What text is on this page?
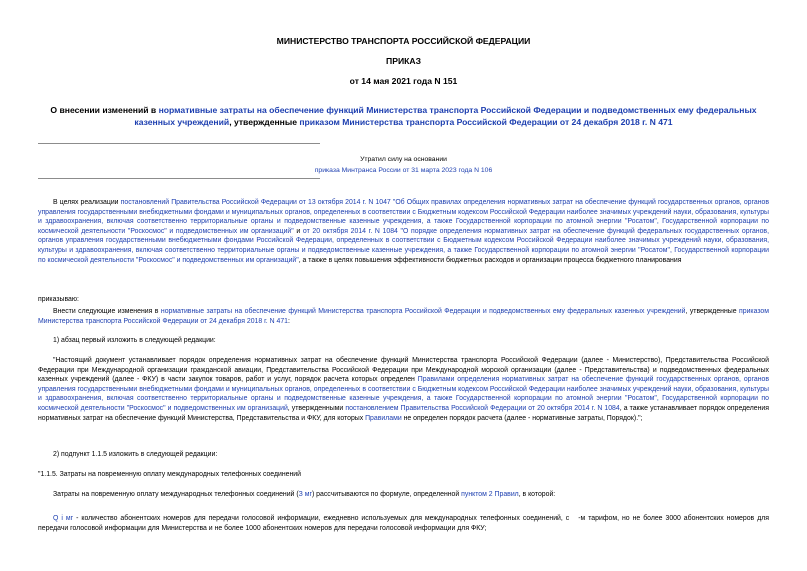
МИНИСТЕРСТВО ТРАНСПОРТА РОССИЙСКОЙ ФЕДЕРАЦИИ
ПРИКАЗ
от 14 мая 2021 года N 151
О внесении изменений в нормативные затраты на обеспечение функций Министерства транспорта Российской Федерации и подведомственных ему федеральных казенных учреждений, утвержденные приказом Министерства транспорта Российской Федерации от 24 декабря 2018 г. N 471
Утратил силу на основании
приказа Минтранса России от 31 марта 2023 года N 106
В целях реализации постановлений Правительства Российской Федерации от 13 октября 2014 г. N 1047 "Об Общих правилах определения нормативных затрат на обеспечение функций государственных органов, органов управления государственными внебюджетными фондами и муниципальных органов, определенных в соответствии с Бюджетным кодексом Российской Федерации наиболее значимых учреждений науки, образования, культуры и здравоохранения, включая соответственно территориальные органы и подведомственные казенные учреждения, а также Государственной корпорации по атомной энергии "Росатом", Государственной корпорации по космической деятельности "Роскосмос" и подведомственных им организаций" и от 20 октября 2014 г. N 1084 "О порядке определения нормативных затрат на обеспечение функций федеральных государственных органов, органов управления государственными внебюджетными фондами Российской Федерации, определенных в соответствии с Бюджетным кодексом Российской Федерации наиболее значимых учреждений науки, образования, культуры и здравоохранения, включая соответственно территориальные органы и подведомственные казенные учреждения, а также Государственной корпорации по атомной энергии "Росатом", Государственной корпорации по космической деятельности "Роскосмос" и подведомственных им организаций", а также в целях повышения эффективности бюджетных расходов и организации процесса бюджетного планирования
приказываю:
Внести следующие изменения в нормативные затраты на обеспечение функций Министерства транспорта Российской Федерации и подведомственных ему федеральных казенных учреждений, утвержденные приказом Министерства транспорта Российской Федерации от 24 декабря 2018 г. N 471:
1) абзац первый изложить в следующей редакции:
"Настоящий документ устанавливает порядок определения нормативных затрат на обеспечение функций Министерства транспорта Российской Федерации (далее - Министерство), Представительства Российской Федерации при Международной организации гражданской авиации, Представительства Российской Федерации при Международной морской организации (далее - Представительства) и подведомственных федеральных казенных учреждений (далее - ФКУ) в части закупок товаров, работ и услуг, порядок расчета которых определен Правилами определения нормативных затрат на обеспечение функций государственных органов, органов управления государственными внебюджетными фондами и муниципальных органов, определенных в соответствии с Бюджетным кодексом Российской Федерации наиболее значимых учреждений науки, образования, культуры и здравоохранения, включая соответственно территориальные органы и подведомственные казенные учреждения, а также Государственной корпорации по атомной энергии "Росатом", Государственной корпорации по космической деятельности "Роскосмос" и подведомственных им организаций, утвержденными постановлением Правительства Российской Федерации от 20 октября 2014 г. N 1084, а также устанавливает порядок определения нормативных затрат на обеспечение функций Министерства, Представительства и ФКУ, для которых Правилами не определен порядок расчета (далее - нормативные затраты, Порядок).";
2) подпункт 1.1.5 изложить в следующей редакции:
"1.1.5. Затраты на повременную оплату международных телефонных соединений
Затраты на повременную оплату международных телефонных соединений (З мг) рассчитываются по формуле, определенной пунктом 2 Правил, в которой:
Q i мг - количество абонентских номеров для передачи голосовой информации, ежедневно используемых для международных телефонных соединений, с -м тарифом, но не более 3000 абонентских номеров для передачи голосовой информации для Министерства и не более 1000 абонентских номеров для передачи голосовой информации для ФКУ;
